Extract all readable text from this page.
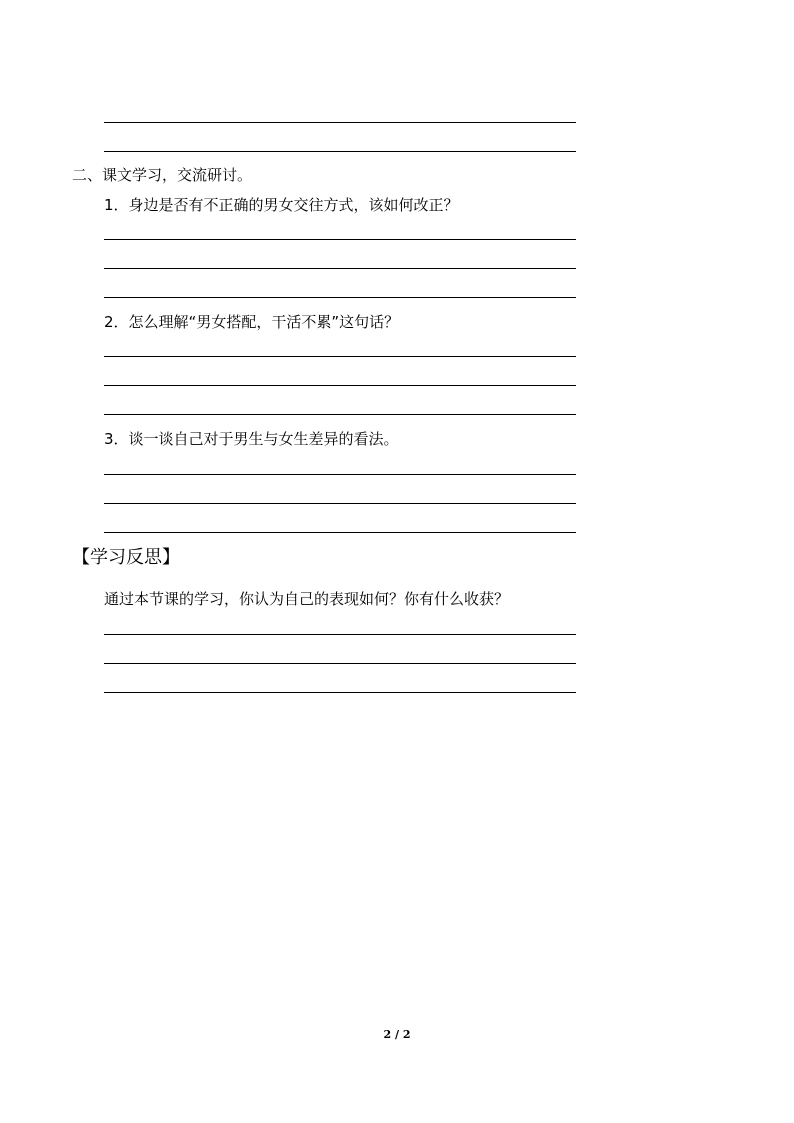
二、课文学习，交流研讨。
1．身边是否有不正确的男女交往方式，该如何改正？
2．怎么理解“男女搭配，干活不累”这句话？
3．谈一谈自己对于男生与女生差异的看法。
【学习反思】
通过本节课的学习，你认为自己的表现如何？你有什么收获？
2 / 2
